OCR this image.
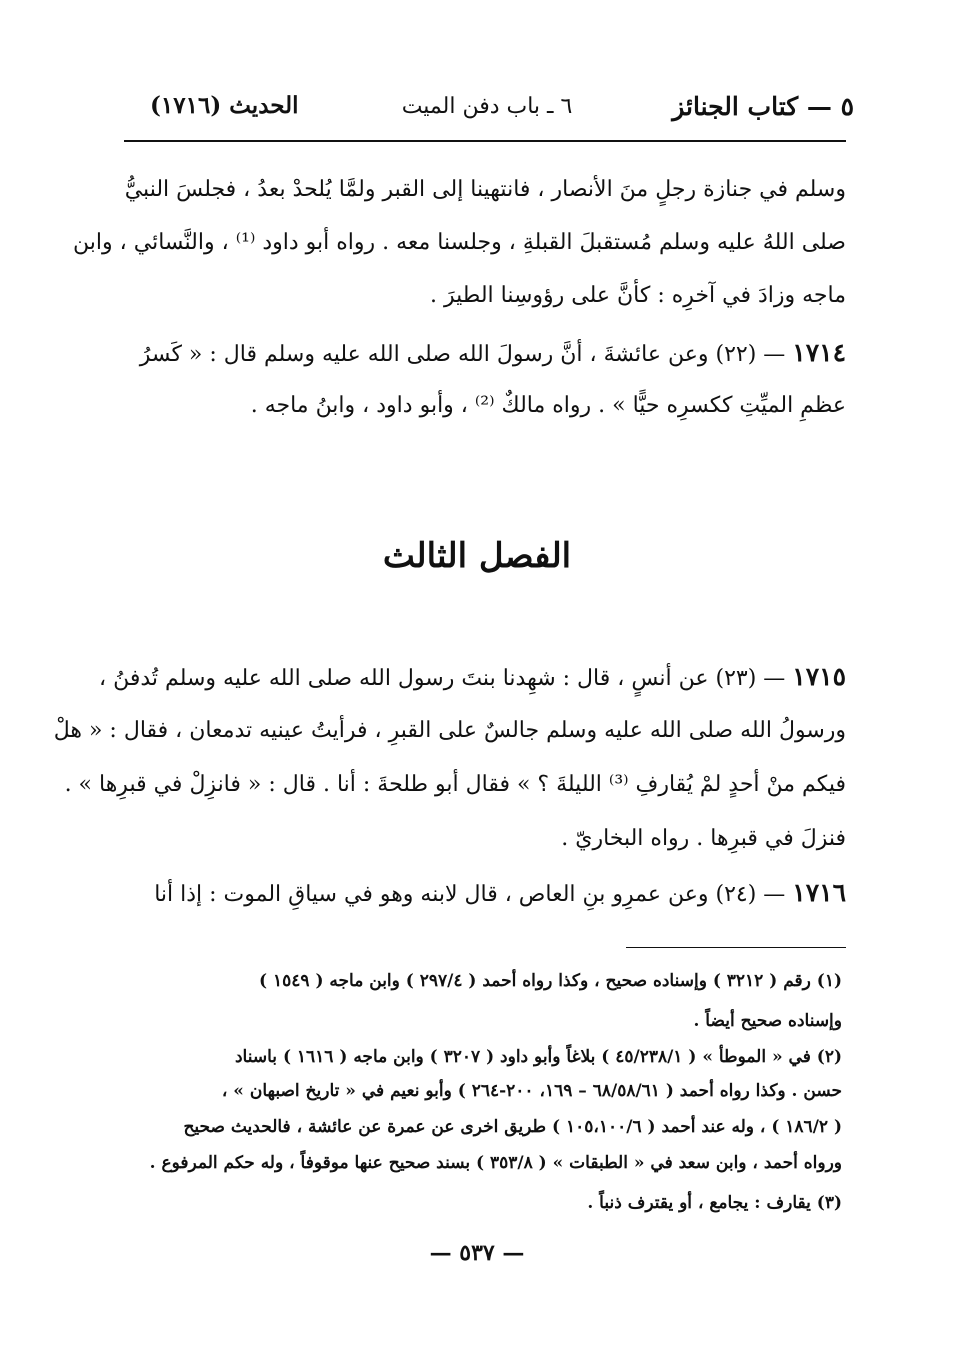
٥ — كتاب الجنائز
٦ ـ باب دفن الميت
الحديث (١٧١٦)
وسلم في جنازة رجلٍ منَ الأنصار ، فانتهينا إلى القبر ولمَّا يُلحدْ بعدُ ، فجلسَ النبيُّ
صلى اللهُ عليه وسلم مُستقبلَ القبلةِ ، وجلسنا معه . رواه أبو داود ⁽¹⁾ ، والنَّسائي ، وابن
ماجه وزادَ في آخرِه : كأنَّ على رؤوسِنا الطيرَ .
١٧١٤ — (٢٢) وعن عائشةَ ، أنَّ رسولَ الله صلى الله عليه وسلم قال : « كَسرُ
عظمِ الميِّتِ ككسرِه حيًّا » . رواه مالكٌ ⁽²⁾ ، وأبو داود ، وابنُ ماجه .
الفصل الثالث
١٧١٥ — (٢٣) عن أنسٍ ، قال : شهِدنا بنتَ رسول الله صلى الله عليه وسلم تُدفنُ ،
ورسولُ الله صلى الله عليه وسلم جالسٌ على القبرِ ، فرأيتُ عينيه تدمعان ، فقال : « هلْ
فيكم منْ أحدٍ لمْ يُقارفِ ⁽³⁾ الليلةَ ؟ » فقال أبو طلحةَ : أنا . قال : « فانزِلْ في قبرِها » .
فنزلَ في قبرِها . رواه البخاريّ .
١٧١٦ — (٢٤) وعن عمرِو بنِ العاص ، قال لابنه وهو في سياقِ الموت : إذا أنا
(١) رقم ( ٣٢١٢ ) وإسناده صحيح ، وكذا رواه أحمد ( ٢٩٧/٤ ) وابن ماجه ( ١٥٤٩ )
وإسناده صحيح أيضاً .
(٢) في « الموطأ » ( ٤٥/٢٣٨/١ ) بلاغاً وأبو داود ( ٣٢٠٧ ) وابن ماجه ( ١٦١٦ ) باسناد
حسن . وكذا رواه أحمد ( ٦٨/٥٨/٦١ – ١٦٩، ٢٠٠-٢٦٤ ) وأبو نعيم في « تاريخ اصبهان » ،
( ١٨٦/٢ ) ، وله عند أحمد ( ١٠٥،١٠٠/٦ ) طريق اخرى عن عمرة عن عائشة ، فالحديث صحيح
ورواه أحمد ، وابن سعد في « الطبقات » ( ٣٥٣/٨ ) بسند صحيح عنها موقوفاً ، وله حكم المرفوع .
(٣) يقارف : يجامع ، أو يقترف ذنباً .
— ٥٣٧ —
